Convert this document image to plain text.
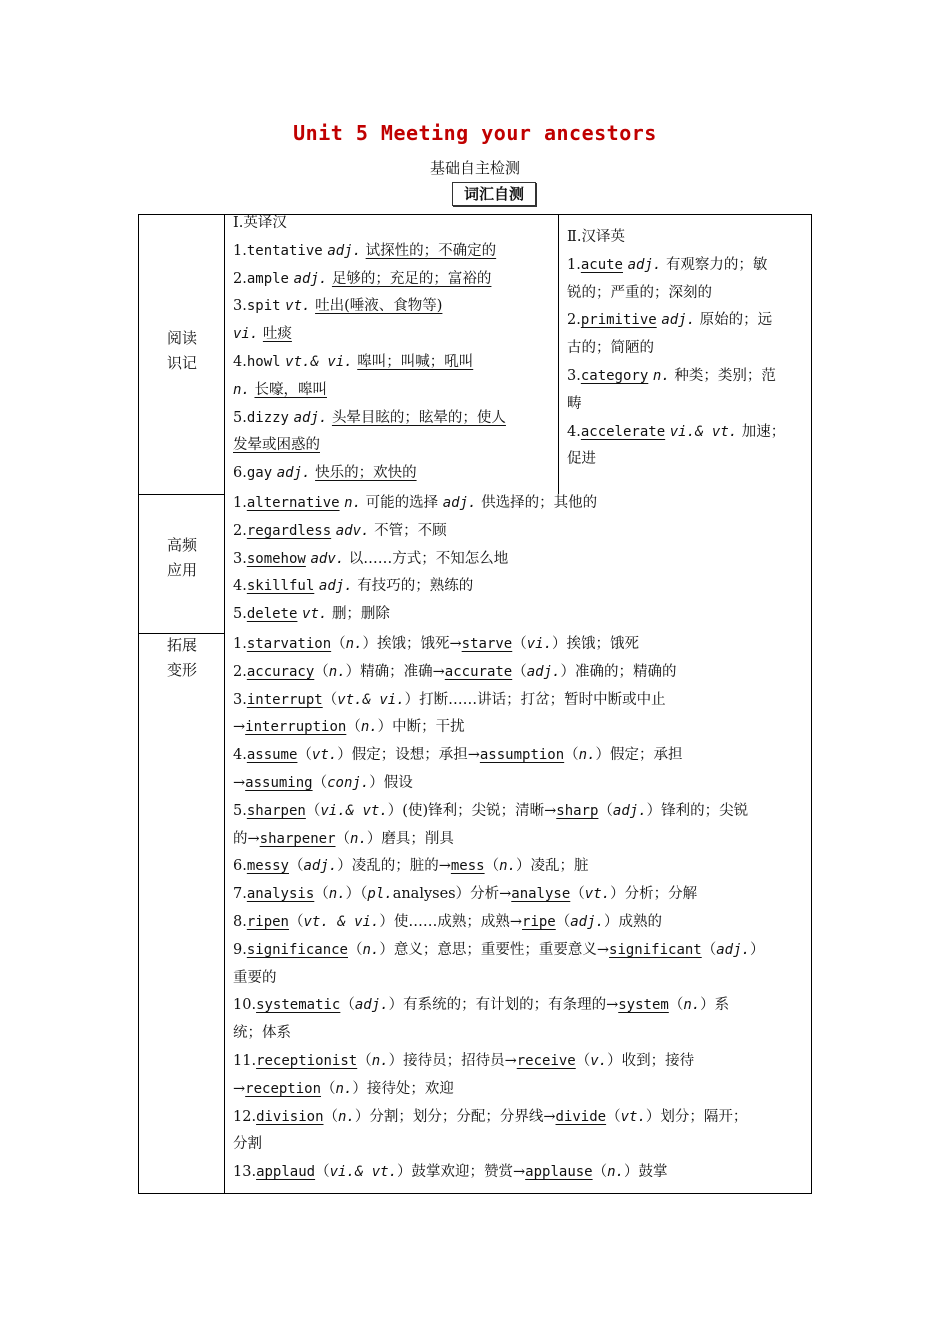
Unit 5 Meeting your ancestors
基础自主检测
词汇自测
阅读
识记
高频
应用
拓展
变形
Ⅰ.英译汉
1.tentative adj. 试探性的；不确定的
2.ample adj. 足够的；充足的；富裕的
3.spit vt. 吐出(唾液、食物等)
vi. 吐痰
4.howl vt.& vi. 嗥叫；叫喊；吼叫
n. 长嚎，嗥叫
5.dizzy adj. 头晕目眩的；眩晕的；使人
发晕或困惑的
6.gay adj. 快乐的；欢快的
Ⅱ.汉译英
1.acute adj. 有观察力的；敏
锐的；严重的；深刻的
2.primitive adj. 原始的；远
古的；简陋的
3.category n. 种类；类别；范
畴
4.accelerate vi.& vt. 加速；
促进
1.alternative n. 可能的选择 adj. 供选择的；其他的
2.regardless adv. 不管；不顾
3.somehow adv. 以……方式；不知怎么地
4.skillful adj. 有技巧的；熟练的
5.delete vt. 删；删除
1.starvation（n.）挨饿；饿死→starve（vi.）挨饿；饿死
2.accuracy（n.）精确；准确→accurate（adj.）准确的；精确的
3.interrupt（vt.& vi.）打断……讲话；打岔；暂时中断或中止
→interruption（n.）中断；干扰
4.assume（vt.）假定；设想；承担→assumption（n.）假定；承担
→assuming（conj.）假设
5.sharpen（vi.& vt.）(使)锋利；尖锐；清晰→sharp（adj.）锋利的；尖锐
的→sharpener（n.）磨具；削具
6.messy（adj.）凌乱的；脏的→mess（n.）凌乱；脏
7.analysis（n.）（pl.analyses）分析→analyse（vt.）分析；分解
8.ripen（vt. & vi.）使……成熟；成熟→ripe（adj.）成熟的
9.significance（n.）意义；意思；重要性；重要意义→significant（adj.）
重要的
10.systematic（adj.）有系统的；有计划的；有条理的→system（n.）系
统；体系
11.receptionist（n.）接待员；招待员→receive（v.）收到；接待
→reception（n.）接待处；欢迎
12.division（n.）分割；划分；分配；分界线→divide（vt.）划分；隔开；
分割
13.applaud（vi.& vt.）鼓掌欢迎；赞赏→applause（n.）鼓掌
